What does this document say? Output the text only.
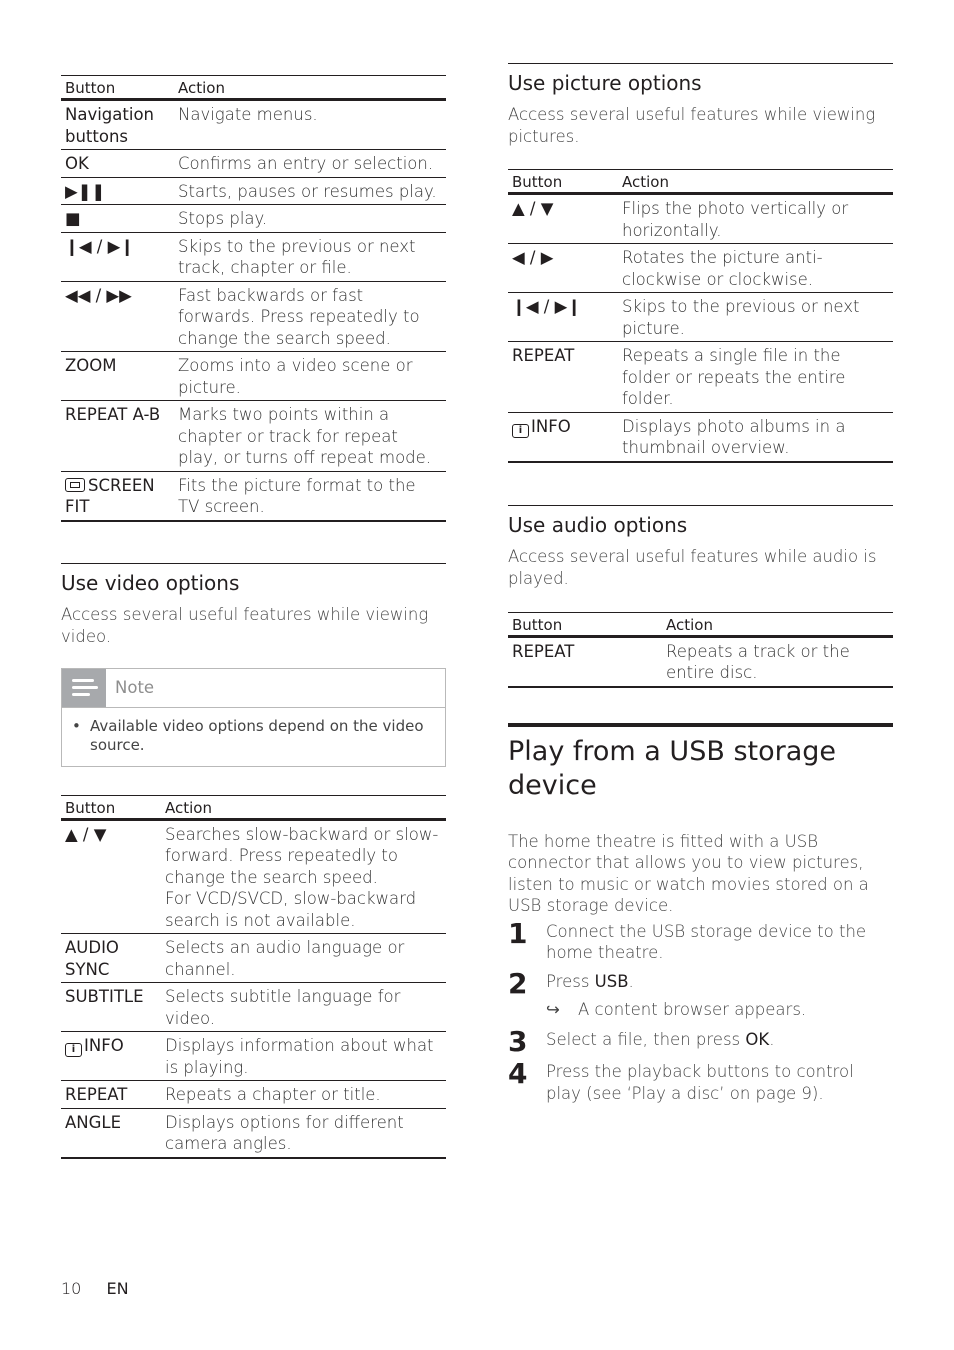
Button	Action
Navigation buttons	Navigate menus.
OK	Confirms an entry or selection.
▶❚❚	Starts, pauses or resumes play.
■	Stops play.
❙◀ / ▶❙	Skips to the previous or next track, chapter or file.
◀◀ / ▶▶	Fast backwards or fast forwards. Press repeatedly to change the search speed.
ZOOM	Zooms into a video scene or picture.
REPEAT A-B	Marks two points within a chapter or track for repeat play, or turns off repeat mode.
SCREEN FIT	Fits the picture format to the TV screen.
Use video options
Access several useful features while viewing video.
Note
• Available video options depend on the video source.
Button	Action
▲ / ▼	Searches slow-backward or slow-forward. Press repeatedly to change the search speed.
For VCD/SVCD, slow-backward search is not available.

AUDIO SYNC	Selects an audio language or channel.
SUBTITLE	Selects subtitle language for video.
i INFO	Displays information about what is playing.
REPEAT	Repeats a chapter or title.
ANGLE	Displays options for different camera angles.
Use picture options
Access several useful features while viewing pictures.
Button	Action
▲ / ▼	Flips the photo vertically or horizontally.
◀ / ▶	Rotates the picture anti-clockwise or clockwise.
❙◀ / ▶❙	Skips to the previous or next picture.
REPEAT	Repeats a single file in the folder or repeats the entire folder.
i INFO	Displays photo albums in a thumbnail overview.
Use audio options
Access several useful features while audio is played.
Button	Action
REPEAT	Repeats a track or the entire disc.
Play from a USB storage device
The home theatre is fitted with a USB connector that allows you to view pictures, listen to music or watch movies stored on a USB storage device.
1	Connect the USB storage device to the home theatre.
2	Press USB.
↪	A content browser appears.
3	Select a file, then press OK.
4	Press the playback buttons to control play (see ‘Play a disc’ on page 9).
10 EN
